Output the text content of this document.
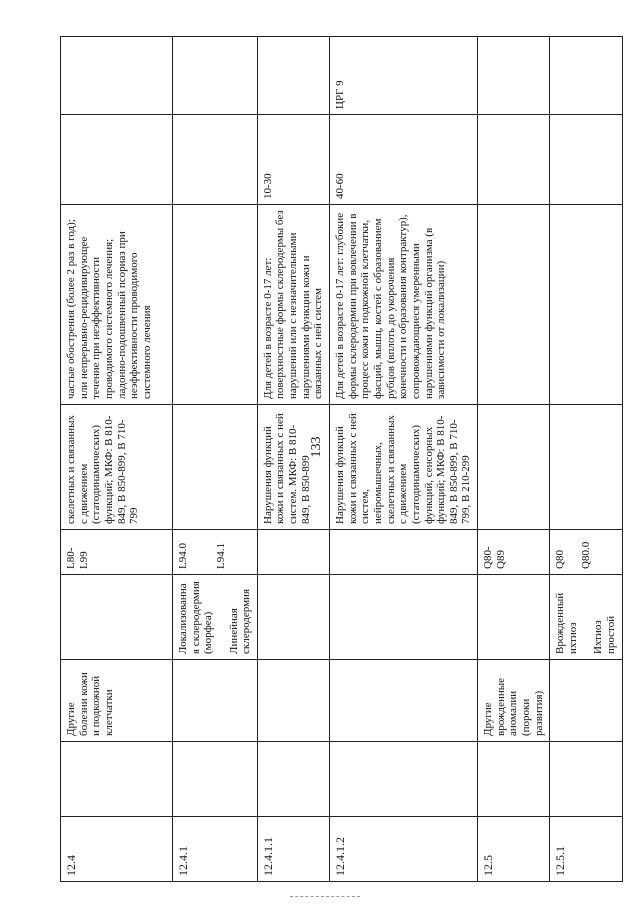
133
12.4		Другие болезни кожи и подкожной клетчатки		L80-L99	скелетных и связанных с движением (статодинамических) функций; МКФ: В 810-849, В 850-899, В 710-799	частые обострения (более 2 раз в год); или непрерывно-рецидивирующее течение при неэффективности проводимого системного лечения; ладонно-подошвенный псориаз при неэффективности проводимого системного лечения		
12.4.1			Локализованная склеродермия (морфеа) Линейная склеродермия	L94.0 L94.1				
12.4.1.1					Нарушения функций кожи и связанных с ней систем. МКФ: В 810-849, В 850-899	Для детей в возрасте 0-17 лет: поверхностные формы склеродермы без нарушений или с незначительными нарушениями функции кожи и связанных с ней систем	10-30	
12.4.1.2					Нарушения функций кожи и связанных с ней систем, нейромышечных, скелетных и связанных с движением (статодинамических) функций, сенсорных функций; МКФ: В 810-849, В 850-899, В 710-799, В 210-299	Для детей в возрасте 0-17 лет: глубокие формы склеродермии при вовлечении в процесс кожи и подкожной клетчатки, фасций, мышц, костей с образованием рубцов (вплоть до укорочения конечности и образования контрактур), сопровождающиеся умеренными нарушениями функций организма (в зависимости от локализации)	40-60	ЦРГ 9
12.5		Другие врожденные аномалии (пороки развития)		Q80-Q89				
12.5.1			Врожденный ихтиоз Ихтиоз простой	Q80 Q80.0				
